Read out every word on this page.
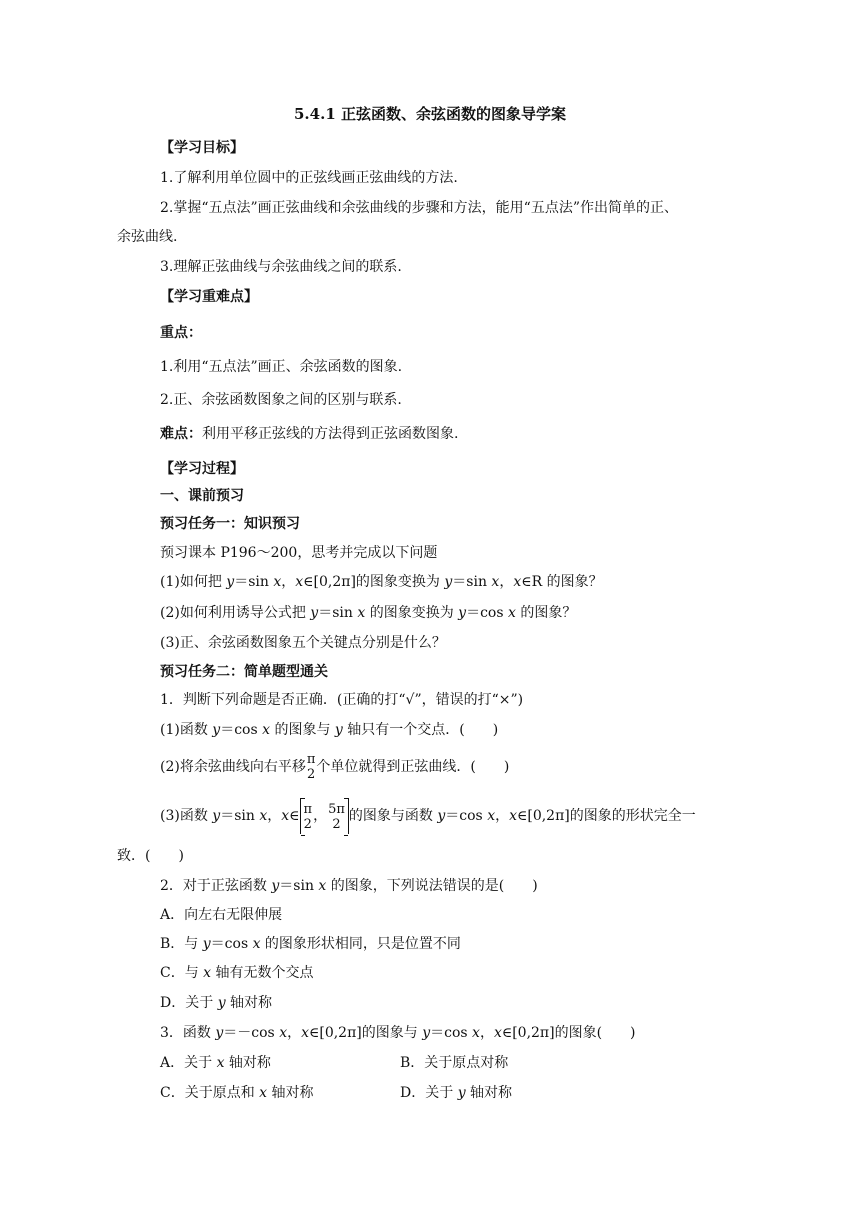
5.4.1 正弦函数、余弦函数的图象导学案
【学习目标】
1.了解利用单位圆中的正弦线画正弦曲线的方法.
2.掌握“五点法”画正弦曲线和余弦曲线的步骤和方法，能用“五点法”作出简单的正、
余弦曲线.
3.理解正弦曲线与余弦曲线之间的联系.
【学习重难点】
重点：
1.利用“五点法”画正、余弦函数的图象.
2.正、余弦函数图象之间的区别与联系.
难点：利用平移正弦线的方法得到正弦函数图象.
【学习过程】
一、课前预习
预习任务一：知识预习
预习课本 P196～200，思考并完成以下问题
(1)如何把 y＝sin x，x∈[0,2π]的图象变换为 y＝sin x，x∈R 的图象？
(2)如何利用诱导公式把 y＝sin x 的图象变换为 y＝cos x 的图象？
(3)正、余弦函数图象五个关键点分别是什么？
预习任务二：简单题型通关
1．判断下列命题是否正确．(正确的打“√”，错误的打“×”)
(1)函数 y＝cos x 的图象与 y 轴只有一个交点．(　　)
(2)将余弦曲线向右平移 π
2 个单位就得到正弦曲线．(　　)
(3)函数 y＝sin x，x∈ π
2
， 5π
2
的图象与函数 y＝cos x，x∈[0,2π]的图象的形状完全一
致．(　　)
2．对于正弦函数 y＝sin x 的图象，下列说法错误的是(　　)
A．向左右无限伸展
B．与 y＝cos x 的图象形状相同，只是位置不同
C．与 x 轴有无数个交点
D．关于 y 轴对称
3．函数 y＝－cos x，x∈[0,2π]的图象与 y＝cos x，x∈[0,2π]的图象(　　)
A．关于 x 轴对称	B．关于原点对称
C．关于原点和 x 轴对称	D．关于 y 轴对称
